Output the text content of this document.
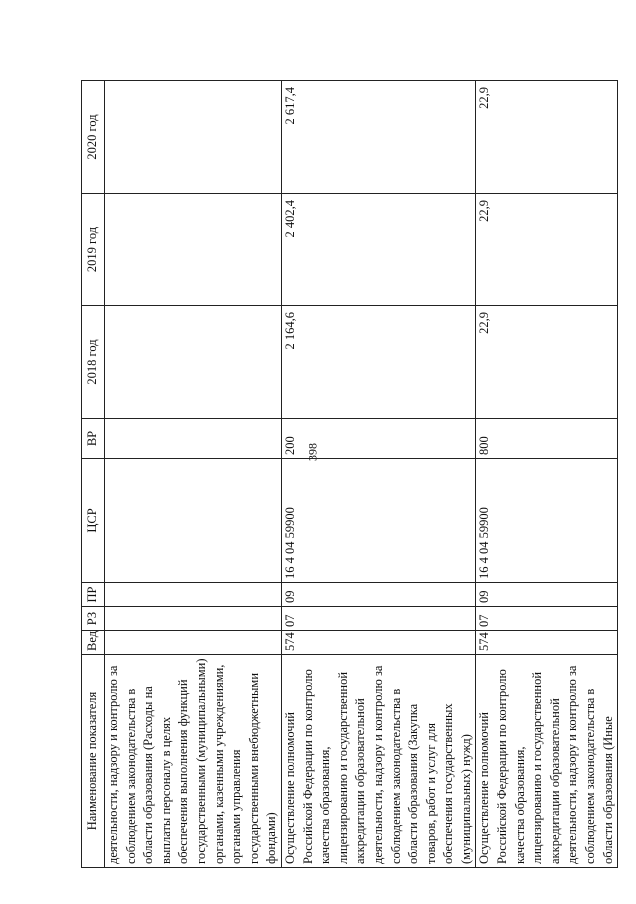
398
Наименование показателя	Вед	РЗ	ПР	ЦСР	ВР	2018 год	2019 год	2020 год
деятельности, надзору и контролю за соблюдением законодательства в области образования (Расходы на выплаты персоналу в целях обеспечения выполнения функций государственными (муниципальными) органами, казенными учреждениями, органами управления государственными внебюджетными фондами)								
Осуществление полномочий Российской Федерации по контролю качества образования, лицензированию и государственной аккредитации образовательной деятельности, надзору и контролю за соблюдением законодательства в области образования (Закупка товаров, работ и услуг для обеспечения государственных (муниципальных) нужд)	574	07	09	16 4 04 59900	200	2 164,6	2 402,4	2 617,4
Осуществление полномочий Российской Федерации по контролю качества образования, лицензированию и государственной аккредитации образовательной деятельности, надзору и контролю за соблюдением законодательства в области образования (Иные	574	07	09	16 4 04 59900	800	22,9	22,9	22,9
